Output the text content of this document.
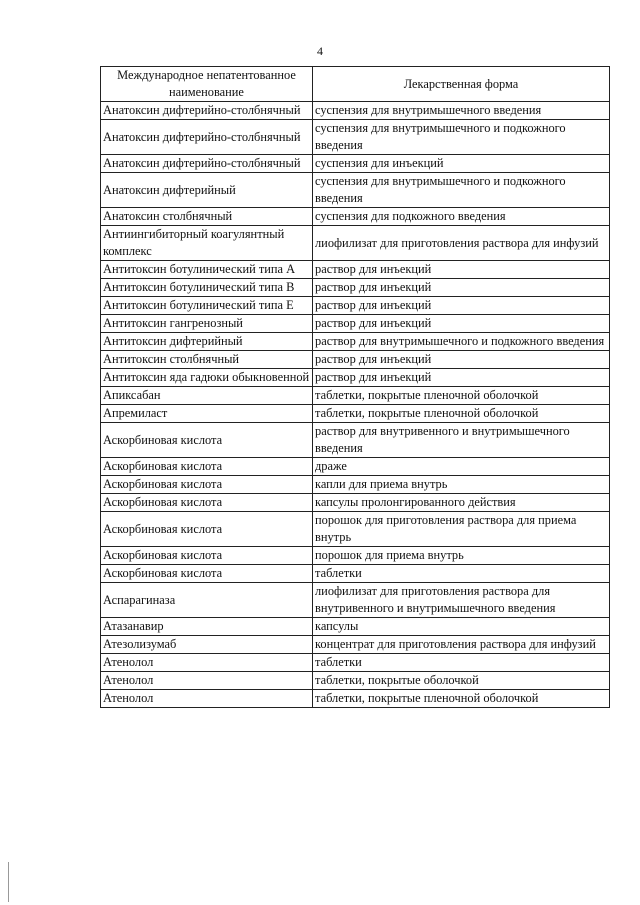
4
Международное непатентованное наименование	Лекарственная форма
Анатоксин дифтерийно-столбнячный	суспензия для внутримышечного введения
Анатоксин дифтерийно-столбнячный	суспензия для внутримышечного и подкожного введения
Анатоксин дифтерийно-столбнячный	суспензия для инъекций
Анатоксин дифтерийный	суспензия для внутримышечного и подкожного введения
Анатоксин столбнячный	суспензия для подкожного введения
Антиингибиторный коагулянтный комплекс	лиофилизат для приготовления раствора для инфузий
Антитоксин ботулинический типа А	раствор для инъекций
Антитоксин ботулинический типа В	раствор для инъекций
Антитоксин ботулинический типа Е	раствор для инъекций
Антитоксин гангренозный	раствор для инъекций
Антитоксин дифтерийный	раствор для внутримышечного и подкожного введения
Антитоксин столбнячный	раствор для инъекций
Антитоксин яда гадюки обыкновенной	раствор для инъекций
Апиксабан	таблетки, покрытые пленочной оболочкой
Апремиласт	таблетки, покрытые пленочной оболочкой
Аскорбиновая кислота	раствор для внутривенного и внутримышечного введения
Аскорбиновая кислота	драже
Аскорбиновая кислота	капли для приема внутрь
Аскорбиновая кислота	капсулы пролонгированного действия
Аскорбиновая кислота	порошок для приготовления раствора для приема внутрь
Аскорбиновая кислота	порошок для приема внутрь
Аскорбиновая кислота	таблетки
Аспарагиназа	лиофилизат для приготовления раствора для внутривенного и внутримышечного введения
Атазанавир	капсулы
Атезолизумаб	концентрат для приготовления раствора для инфузий
Атенолол	таблетки
Атенолол	таблетки, покрытые оболочкой
Атенолол	таблетки, покрытые пленочной оболочкой
